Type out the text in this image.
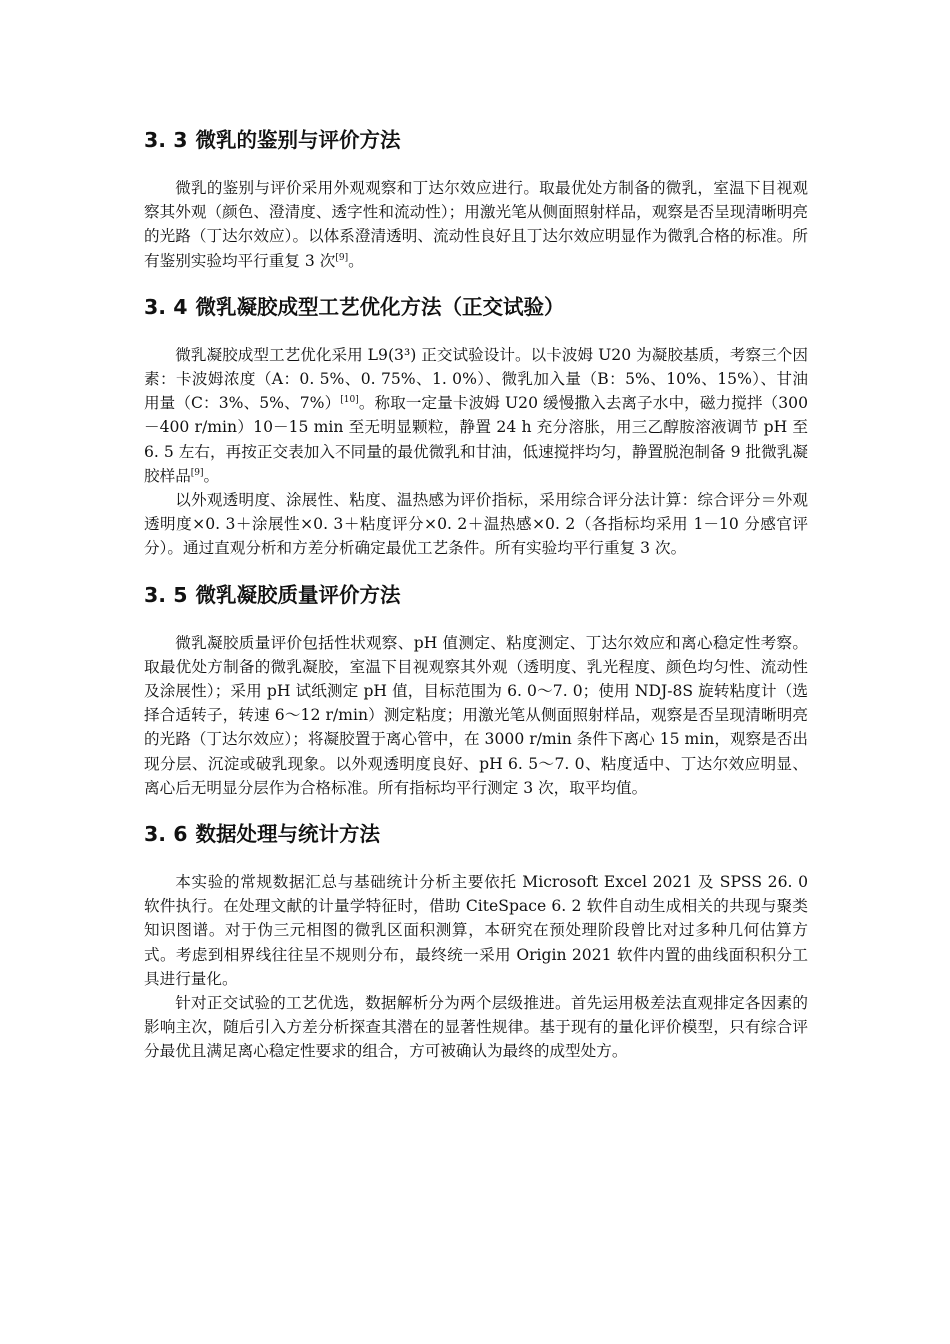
3. 3 微乳的鉴别与评价方法

微乳的鉴别与评价采用外观观察和丁达尔效应进行。取最优处方制备的微乳，室温下目视观察其外观（颜色、澄清度、透字性和流动性）；用激光笔从侧面照射样品，观察是否呈现清晰明亮的光路（丁达尔效应）。以体系澄清透明、流动性良好且丁达尔效应明显作为微乳合格的标准。所有鉴别实验均平行重复 3 次[9]。

3. 4 微乳凝胶成型工艺优化方法（正交试验）

微乳凝胶成型工艺优化采用 L9(3³) 正交试验设计。以卡波姆 U20 为凝胶基质，考察三个因素：卡波姆浓度（A：0. 5%、0. 75%、1. 0%）、微乳加入量（B：5%、10%、15%）、甘油用量（C：3%、5%、7%）[10]。称取一定量卡波姆 U20 缓慢撒入去离子水中，磁力搅拌（300－400 r/min）10－15 min 至无明显颗粒，静置 24 h 充分溶胀，用三乙醇胺溶液调节 pH 至 6. 5 左右，再按正交表加入不同量的最优微乳和甘油，低速搅拌均匀，静置脱泡制备 9 批微乳凝胶样品[9]。

以外观透明度、涂展性、粘度、温热感为评价指标，采用综合评分法计算：综合评分＝外观透明度×0. 3＋涂展性×0. 3＋粘度评分×0. 2＋温热感×0. 2（各指标均采用 1－10 分感官评分）。通过直观分析和方差分析确定最优工艺条件。所有实验均平行重复 3 次。

3. 5 微乳凝胶质量评价方法

微乳凝胶质量评价包括性状观察、pH 值测定、粘度测定、丁达尔效应和离心稳定性考察。取最优处方制备的微乳凝胶，室温下目视观察其外观（透明度、乳光程度、颜色均匀性、流动性及涂展性）；采用 pH 试纸测定 pH 值，目标范围为 6. 0～7. 0；使用 NDJ-8S 旋转粘度计（选择合适转子，转速 6～12 r/min）测定粘度；用激光笔从侧面照射样品，观察是否呈现清晰明亮的光路（丁达尔效应）；将凝胶置于离心管中，在 3000 r/min 条件下离心 15 min，观察是否出现分层、沉淀或破乳现象。以外观透明度良好、pH 6. 5～7. 0、粘度适中、丁达尔效应明显、离心后无明显分层作为合格标准。所有指标均平行测定 3 次，取平均值。

3. 6 数据处理与统计方法

本实验的常规数据汇总与基础统计分析主要依托 Microsoft Excel 2021 及 SPSS 26. 0 软件执行。在处理文献的计量学特征时，借助 CiteSpace 6. 2 软件自动生成相关的共现与聚类知识图谱。对于伪三元相图的微乳区面积测算，本研究在预处理阶段曾比对过多种几何估算方式。考虑到相界线往往呈不规则分布，最终统一采用 Origin 2021 软件内置的曲线面积积分工具进行量化。

针对正交试验的工艺优选，数据解析分为两个层级推进。首先运用极差法直观排定各因素的影响主次，随后引入方差分析探查其潜在的显著性规律。基于现有的量化评价模型，只有综合评分最优且满足离心稳定性要求的组合，方可被确认为最终的成型处方。
